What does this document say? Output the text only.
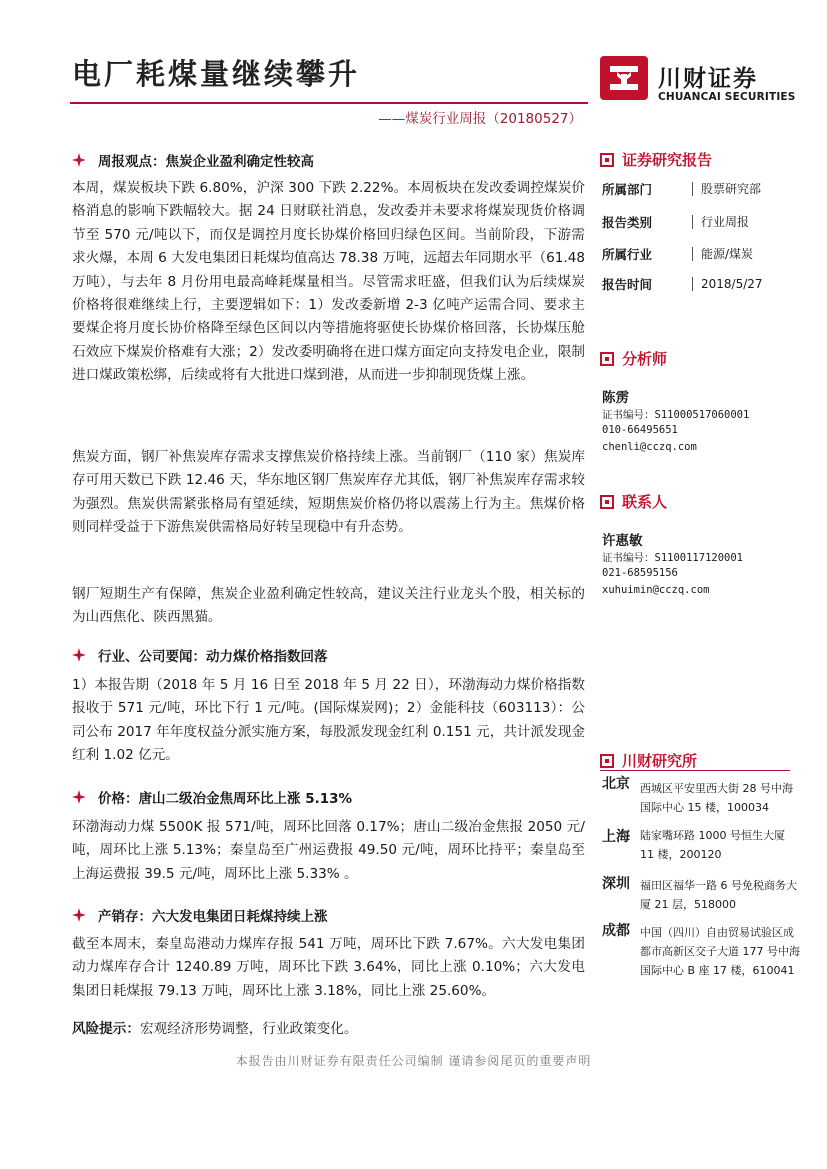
电厂耗煤量继续攀升
——煤炭行业周报（20180527）
川财证券
CHUANCAI SECURITIES
周报观点：焦炭企业盈利确定性较高
本周，煤炭板块下跌 6.80%，沪深 300 下跌 2.22%。本周板块在发改委调控煤炭价格消息的影响下跌幅较大。据 24 日财联社消息，发改委并未要求将煤炭现货价格调节至 570 元/吨以下，而仅是调控月度长协煤价格回归绿色区间。当前阶段，下游需求火爆，本周 6 大发电集团日耗煤均值高达 78.38 万吨，远超去年同期水平（61.48 万吨），与去年 8 月份用电最高峰耗煤量相当。尽管需求旺盛，但我们认为后续煤炭价格将很难继续上行，主要逻辑如下：1）发改委新增 2-3 亿吨产运需合同、要求主要煤企将月度长协价格降至绿色区间以内等措施将驱使长协煤价格回落，长协煤压舱石效应下煤炭价格难有大涨；2）发改委明确将在进口煤方面定向支持发电企业，限制进口煤政策松绑，后续或将有大批进口煤到港，从而进一步抑制现货煤上涨。
焦炭方面，钢厂补焦炭库存需求支撑焦炭价格持续上涨。当前钢厂（110 家）焦炭库存可用天数已下跌 12.46 天，华东地区钢厂焦炭库存尤其低，钢厂补焦炭库存需求较为强烈。焦炭供需紧张格局有望延续，短期焦炭价格仍将以震荡上行为主。焦煤价格则同样受益于下游焦炭供需格局好转呈现稳中有升态势。
钢厂短期生产有保障，焦炭企业盈利确定性较高，建议关注行业龙头个股，相关标的为山西焦化、陕西黑猫。
行业、公司要闻：动力煤价格指数回落
1）本报告期（2018 年 5 月 16 日至 2018 年 5 月 22 日），环渤海动力煤价格指数报收于 571 元/吨，环比下行 1 元/吨。(国际煤炭网)；2）金能科技（603113）：公司公布 2017 年年度权益分派实施方案，每股派发现金红利 0.151 元，共计派发现金红利 1.02 亿元。
价格：唐山二级冶金焦周环比上涨 5.13%
环渤海动力煤 5500K 报 571/吨，周环比回落 0.17%；唐山二级冶金焦报 2050 元/吨，周环比上涨 5.13%；秦皇岛至广州运费报 49.50 元/吨，周环比持平；秦皇岛至上海运费报 39.5 元/吨，周环比上涨 5.33% 。
产销存：六大发电集团日耗煤持续上涨
截至本周末，秦皇岛港动力煤库存报 541 万吨，周环比下跌 7.67%。六大发电集团动力煤库存合计 1240.89 万吨，周环比下跌 3.64%，同比上涨 0.10%；六大发电集团日耗煤报 79.13 万吨，周环比上涨 3.18%，同比上涨 25.60%。
风险提示：宏观经济形势调整，行业政策变化。
证券研究报告
所属部门	股票研究部
报告类别	行业周报
所属行业	能源/煤炭
报告时间	2018/5/27
分析师
陈雳
证书编号：S1100051706000​1
010-66495651
chenli@cczq.com
联系人
许惠敏
证书编号：S1100117120001
021-68595156
xuhuimin@cczq.com
川财研究所
北京 西城区平安里西大街 28 号中海国际中心 15 楼，100034
上海 陆家嘴环路 1000 号恒生大厦 11 楼，200120
深圳 福田区福华一路 6 号免税商务大厦 21 层，518000
成都 中国（四川）自由贸易试验区成都市高新区交子大道 177 号中海国际中心 B 座 17 楼，610041
本报告由川财证券有限责任公司编制 谨请参阅尾页的重要声明
